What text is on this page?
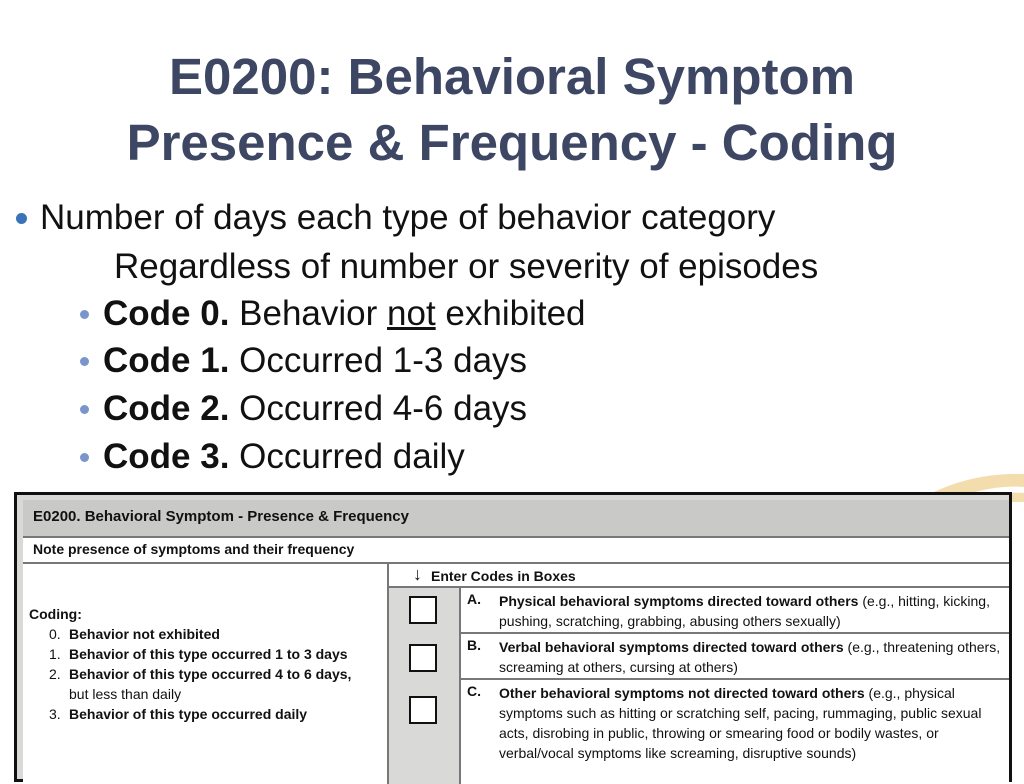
E0200: Behavioral Symptom
Presence & Frequency - Coding
Number of days each type of behavior category
Regardless of number or severity of episodes
Code 0. Behavior not exhibited
Code 1. Occurred 1-3 days
Code 2. Occurred 4-6 days
Code 3. Occurred daily
E0200. Behavioral Symptom - Presence & Frequency
Note presence of symptoms and their frequency
Coding:
0. Behavior not exhibited
1. Behavior of this type occurred 1 to 3 days
2. Behavior of this type occurred 4 to 6 days,
but less than daily
3. Behavior of this type occurred daily
↓ Enter Codes in Boxes
A. Physical behavioral symptoms directed toward others (e.g., hitting, kicking, pushing, scratching, grabbing, abusing others sexually)
B. Verbal behavioral symptoms directed toward others (e.g., threatening others, screaming at others, cursing at others)
C. Other behavioral symptoms not directed toward others (e.g., physical symptoms such as hitting or scratching self, pacing, rummaging, public sexual acts, disrobing in public, throwing or smearing food or bodily wastes, or verbal/vocal symptoms like screaming, disruptive sounds)
